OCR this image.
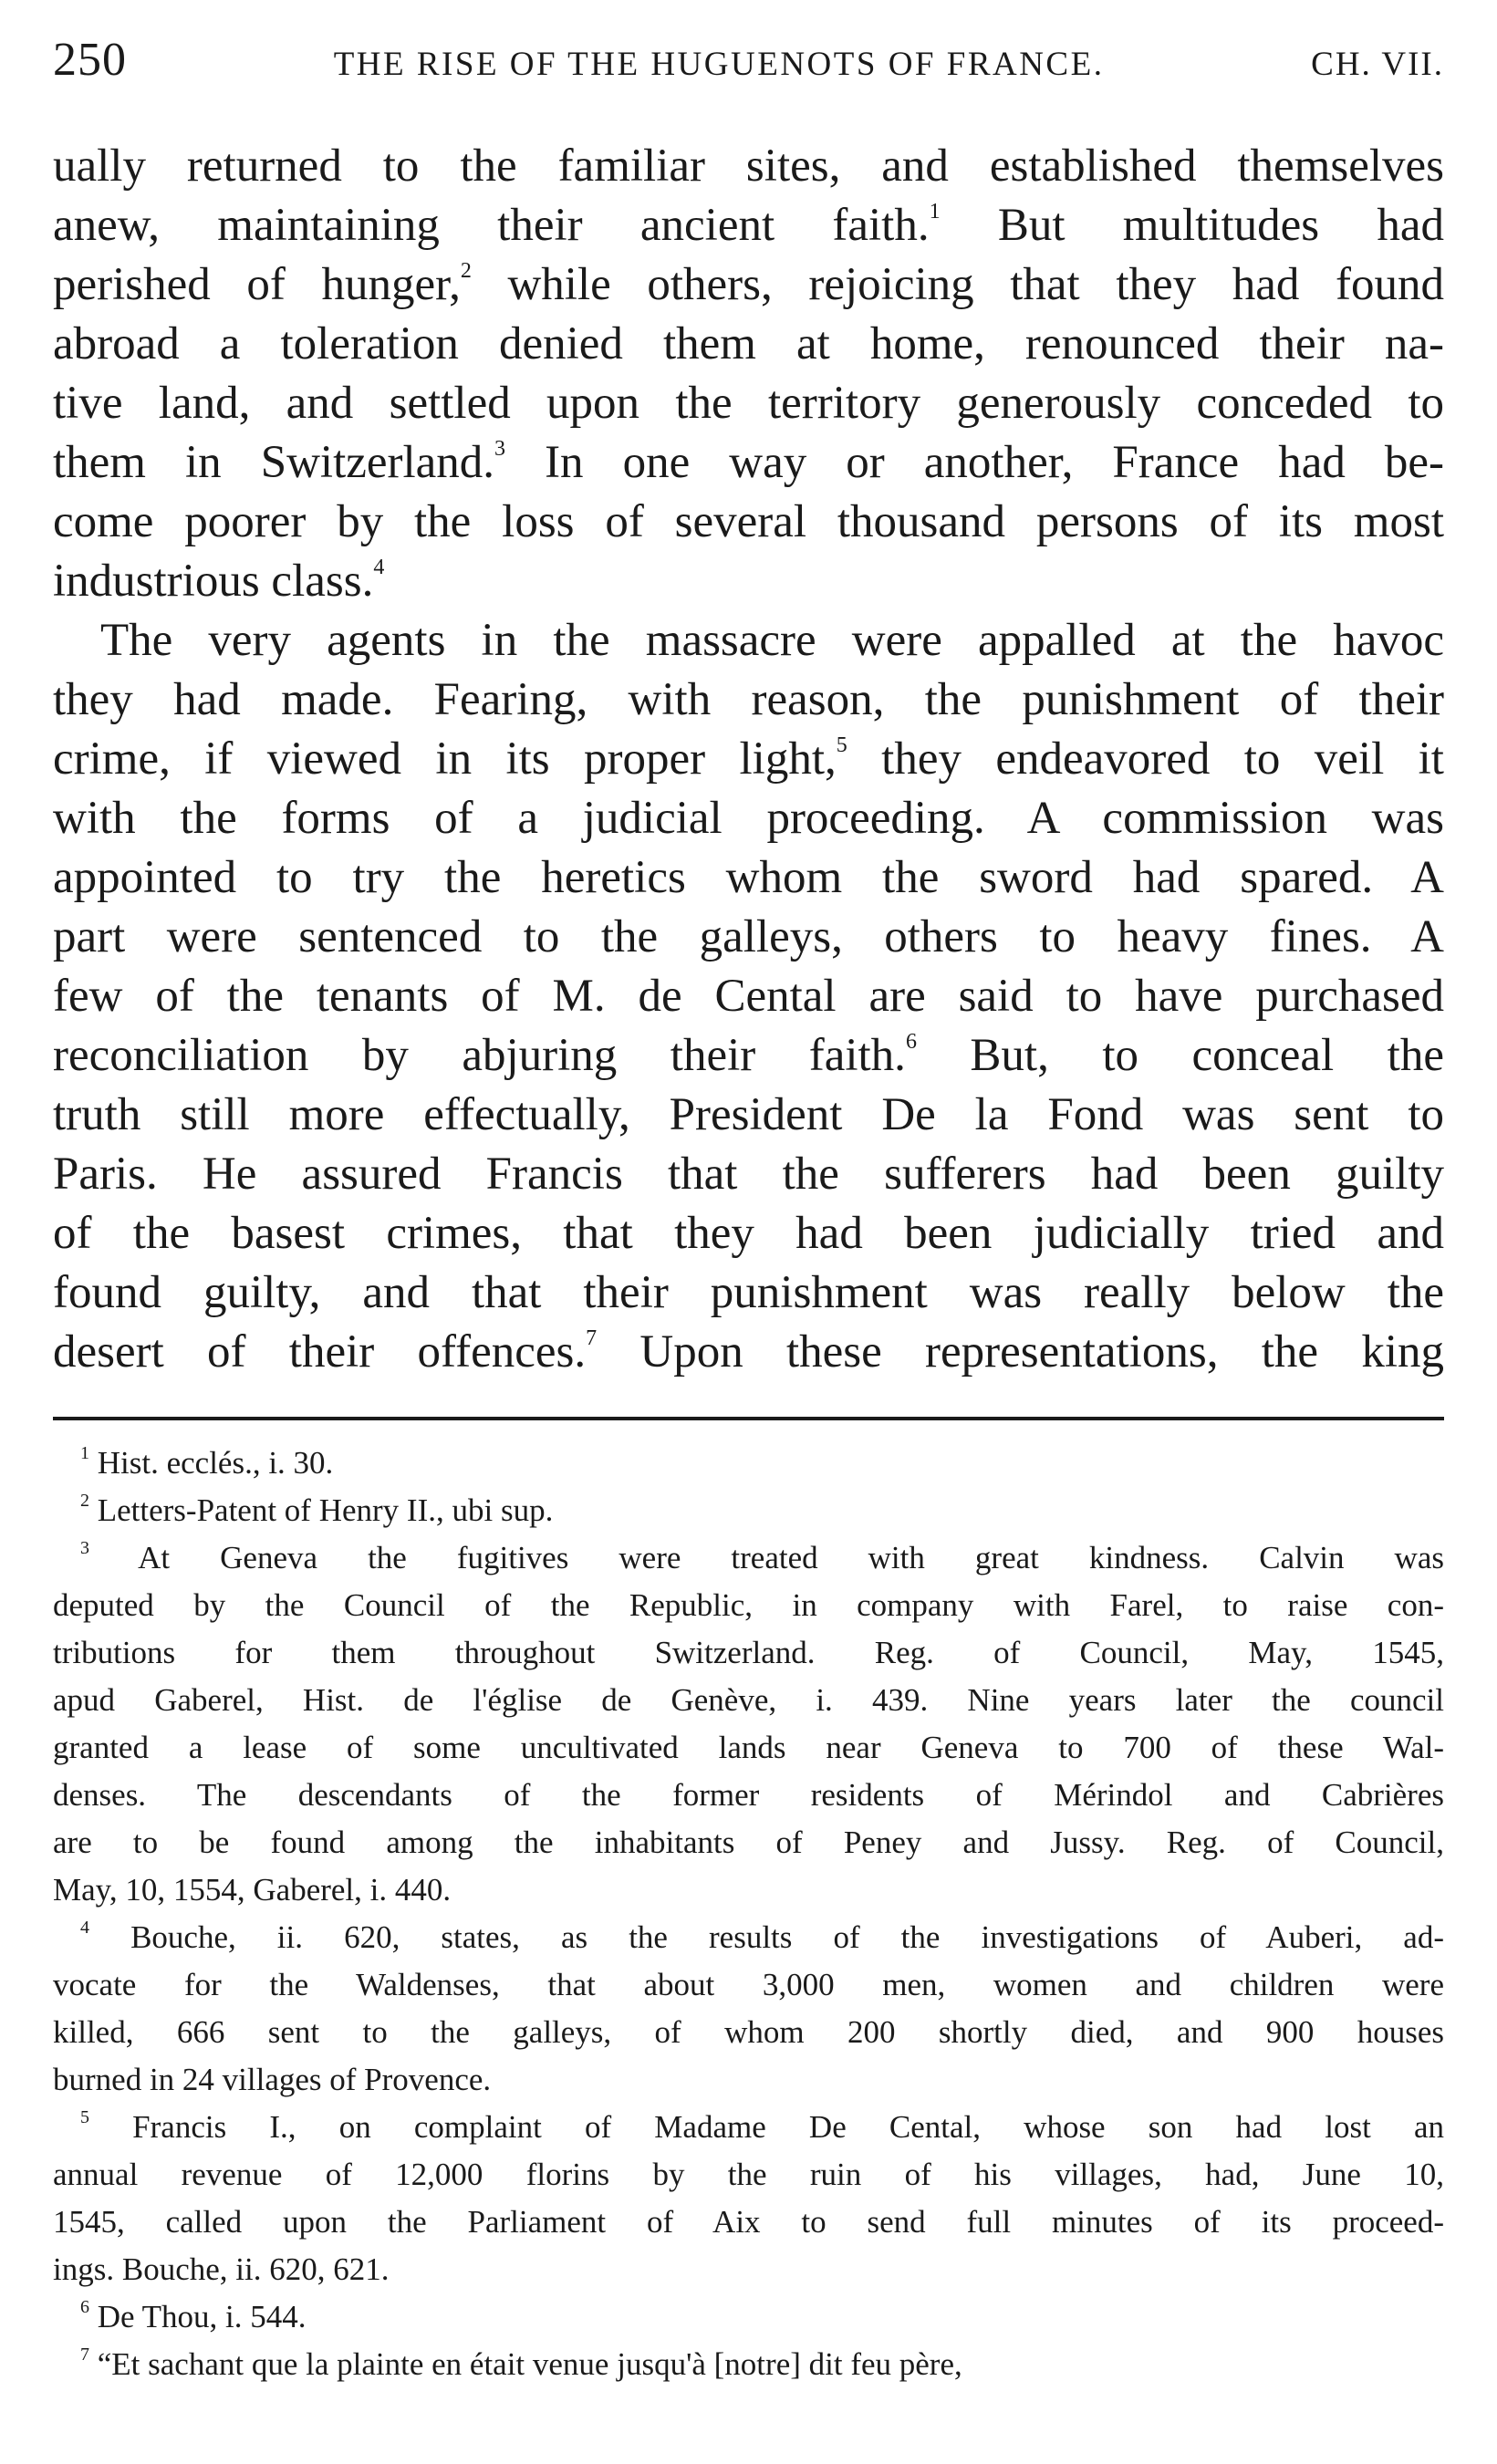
250	THE RISE OF THE HUGUENOTS OF FRANCE.	CH. VII.
ually returned to the familiar sites, and established themselves
anew, maintaining their ancient faith.$^1$ But multitudes had
perished of hunger,$^2$ while others, rejoicing that they had found
abroad a toleration denied them at home, renounced their na-
tive land, and settled upon the territory generously conceded to
them in Switzerland.$^3$ In one way or another, France had be-
come poorer by the loss of several thousand persons of its most
industrious class.$^4$
The very agents in the massacre were appalled at the havoc
they had made. Fearing, with reason, the punishment of their
crime, if viewed in its proper light,$^5$ they endeavored to veil it
with the forms of a judicial proceeding. A commission was
appointed to try the heretics whom the sword had spared. A
part were sentenced to the galleys, others to heavy fines. A
few of the tenants of M. de Cental are said to have purchased
reconciliation by abjuring their faith.$^6$ But, to conceal the
truth still more effectually, President De la Fond was sent to
Paris. He assured Francis that the sufferers had been guilty
of the basest crimes, that they had been judicially tried and
found guilty, and that their punishment was really below the
desert of their offences.$^7$ Upon these representations, the king
$^1$ Hist. ecclés., i. 30.
$^2$ Letters-Patent of Henry II., ubi sup.
$^3$ At Geneva the fugitives were treated with great kindness. Calvin was
deputed by the Council of the Republic, in company with Farel, to raise con-
tributions for them throughout Switzerland. Reg. of Council, May, 1545,
apud Gaberel, Hist. de l'église de Genève, i. 439. Nine years later the council
granted a lease of some uncultivated lands near Geneva to 700 of these Wal-
denses. The descendants of the former residents of Mérindol and Cabrières
are to be found among the inhabitants of Peney and Jussy. Reg. of Council,
May, 10, 1554, Gaberel, i. 440.
$^4$ Bouche, ii. 620, states, as the results of the investigations of Auberi, ad-
vocate for the Waldenses, that about 3,000 men, women and children were
killed, 666 sent to the galleys, of whom 200 shortly died, and 900 houses
burned in 24 villages of Provence.
$^5$ Francis I., on complaint of Madame De Cental, whose son had lost an
annual revenue of 12,000 florins by the ruin of his villages, had, June 10,
1545, called upon the Parliament of Aix to send full minutes of its proceed-
ings. Bouche, ii. 620, 621.
$^6$ De Thou, i. 544.
$^7$ “Et sachant que la plainte en était venue jusqu'à [notre] dit feu père,
